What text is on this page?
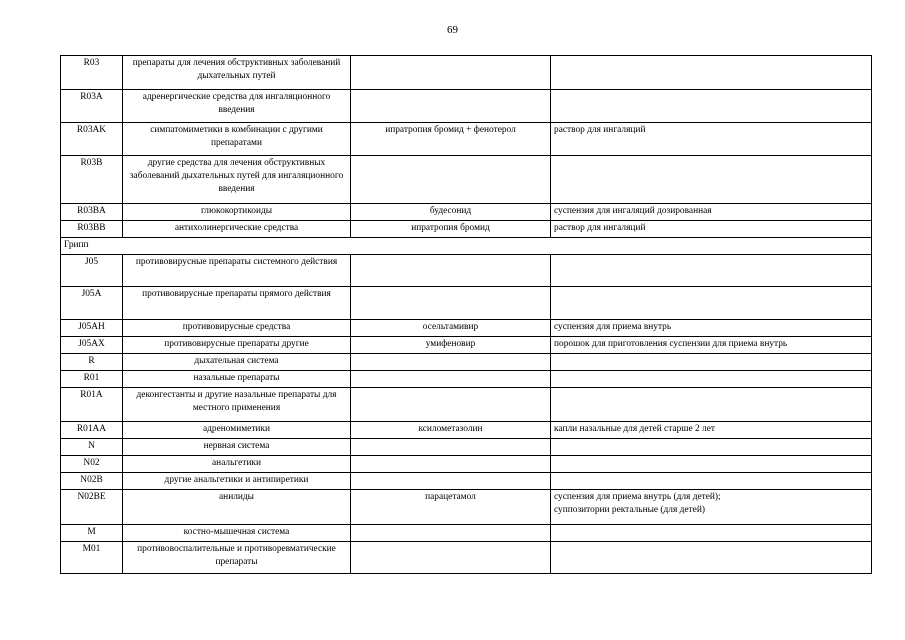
69
R03	препараты для лечения обструктивных заболеваний дыхательных путей		
R03A	адренергические средства для ингаляционного введения		
R03AK	симпатомиметики в комбинации с другими препаратами	ипратропия бромид + фенотерол	раствор для ингаляций
R03B	другие средства для лечения обструктивных заболеваний дыхательных путей для ингаляционного введения		
R03BA	глюкокортикоиды	будесонид	суспензия для ингаляций дозированная
R03BB	антихолинергические средства	ипратропия бромид	раствор для ингаляций
Грипп			
J05	противовирусные препараты системного действия		
J05A	противовирусные препараты прямого действия		
J05AH	противовирусные средства	осельтамивир	суспензия для приема внутрь
J05AX	противовирусные препараты другие	умифеновир	порошок для приготовления суспензии для приема внутрь
R	дыхательная система		
R01	назальные препараты		
R01A	деконгестанты и другие назальные препараты для местного применения		
R01AA	адреномиметики	ксилометазолин	капли назальные для детей старше 2 лет
N	нервная система		
N02	анальгетики		
N02B	другие анальгетики и антипиретики		
N02BE	анилиды	парацетамол	суспензия для приема внутрь (для детей);
суппозитории ректальные (для детей)

M	костно-мышечная система		
M01	противовоспалительные и противоревматические препараты		
